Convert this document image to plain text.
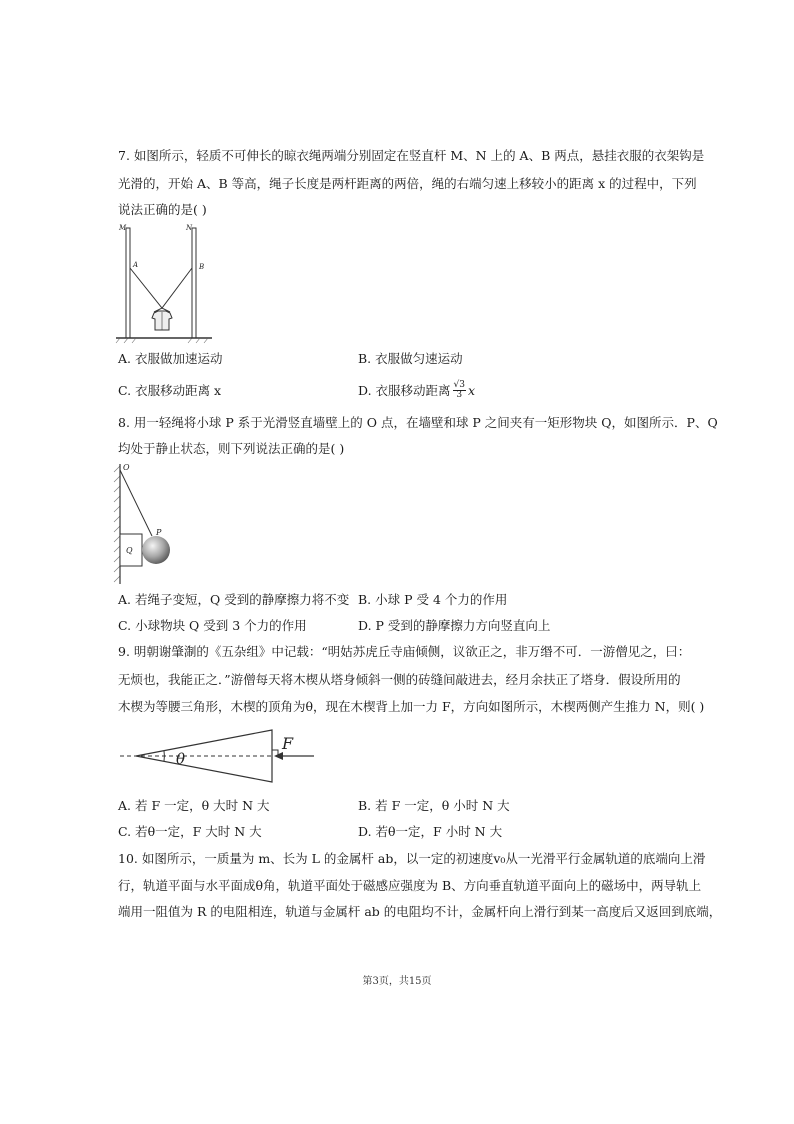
7. 如图所示，轻质不可伸长的晾衣绳两端分别固定在竖直杆 M、N 上的 A、B 两点，悬挂衣服的衣架钩是
光滑的，开始 A、B 等高，绳子长度是两杆距离的两倍，绳的右端匀速上移较小的距离 x 的过程中，下列
说法正确的是( )
M	N
A	B
A. 衣服做加速运动	B. 衣服做匀速运动
C. 衣服移动距离 x	D. 衣服移动距离 $\frac{√3}{3}$ x
8. 用一轻绳将小球 P 系于光滑竖直墙壁上的 O 点，在墙壁和球 P 之间夹有一矩形物块 Q，如图所示．P、Q
均处于静止状态，则下列说法正确的是( )
O
P
Q
A. 若绳子变短，Q 受到的静摩擦力将不变 B. 小球 P 受 4 个力的作用
C. 小球物块 Q 受到 3 个力的作用	D. P 受到的静摩擦力方向竖直向上
9. 明朝谢肇淛的《五杂组》中记载：“明姑苏虎丘寺庙倾侧，议欲正之，非万缗不可．一游僧见之，曰：
无烦也，我能正之．”游僧每天将木楔从塔身倾斜一侧的砖缝间敲进去，经月余扶正了塔身．假设所用的
木楔为等腰三角形，木楔的顶角为θ，现在木楔背上加一力 F，方向如图所示，木楔两侧产生推力 N，则( )
θ
F
A. 若 F 一定，θ 大时 N 大	B. 若 F 一定，θ 小时 N 大
C. 若θ一定，F 大时 N 大	D. 若θ一定，F 小时 N 大
10. 如图所示，一质量为 m、长为 L 的金属杆 ab，以一定的初速度v₀从一光滑平行金属轨道的底端向上滑
行，轨道平面与水平面成θ角，轨道平面处于磁感应强度为 B、方向垂直轨道平面向上的磁场中，两导轨上
端用一阻值为 R 的电阻相连，轨道与金属杆 ab 的电阻均不计，金属杆向上滑行到某一高度后又返回到底端，
第3页，共15页
